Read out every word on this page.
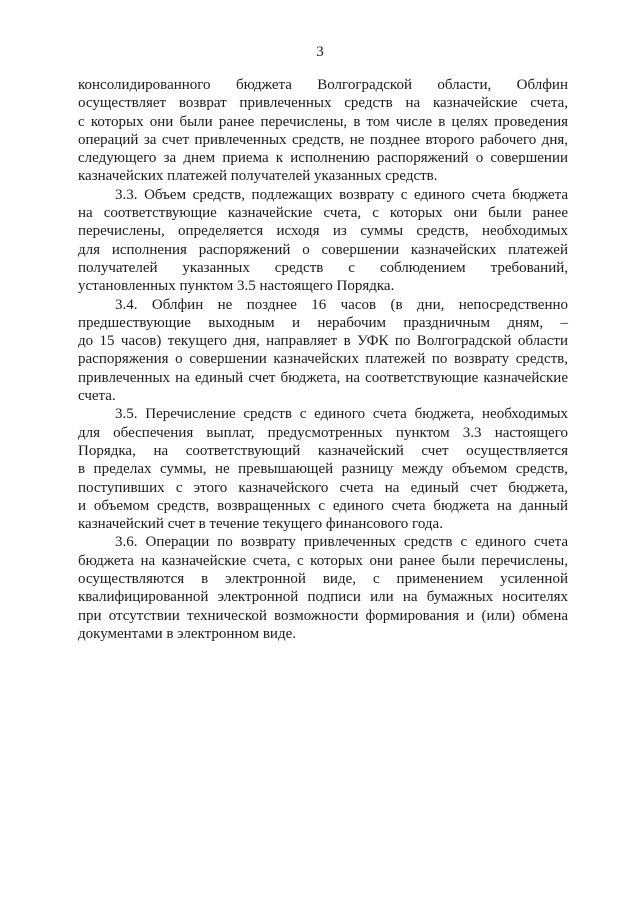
3

консолидированного бюджета Волгоградской области, Облфин
осуществляет возврат привлеченных средств на казначейские счета,
с которых они были ранее перечислены, в том числе в целях проведения
операций за счет привлеченных средств, не позднее второго рабочего дня,
следующего за днем приема к исполнению распоряжений о совершении
казначейских платежей получателей указанных средств.

3.3. Объем средств, подлежащих возврату с единого счета бюджета
на соответствующие казначейские счета, с которых они были ранее
перечислены, определяется исходя из суммы средств, необходимых
для исполнения распоряжений о совершении казначейских платежей
получателей указанных средств с соблюдением требований,
установленных пунктом 3.5 настоящего Порядка.

3.4. Облфин не позднее 16 часов (в дни, непосредственно
предшествующие выходным и нерабочим праздничным дням, –
до 15 часов) текущего дня, направляет в УФК по Волгоградской области
распоряжения о совершении казначейских платежей по возврату средств,
привлеченных на единый счет бюджета, на соответствующие казначейские
счета.

3.5. Перечисление средств с единого счета бюджета, необходимых
для обеспечения выплат, предусмотренных пунктом 3.3 настоящего
Порядка, на соответствующий казначейский счет осуществляется
в пределах суммы, не превышающей разницу между объемом средств,
поступивших с этого казначейского счета на единый счет бюджета,
и объемом средств, возвращенных с единого счета бюджета на данный
казначейский счет в течение текущего финансового года.

3.6. Операции по возврату привлеченных средств с единого счета
бюджета на казначейские счета, с которых они ранее были перечислены,
осуществляются в электронной виде, с применением усиленной
квалифицированной электронной подписи или на бумажных носителях
при отсутствии технической возможности формирования и (или) обмена
документами в электронном виде.
